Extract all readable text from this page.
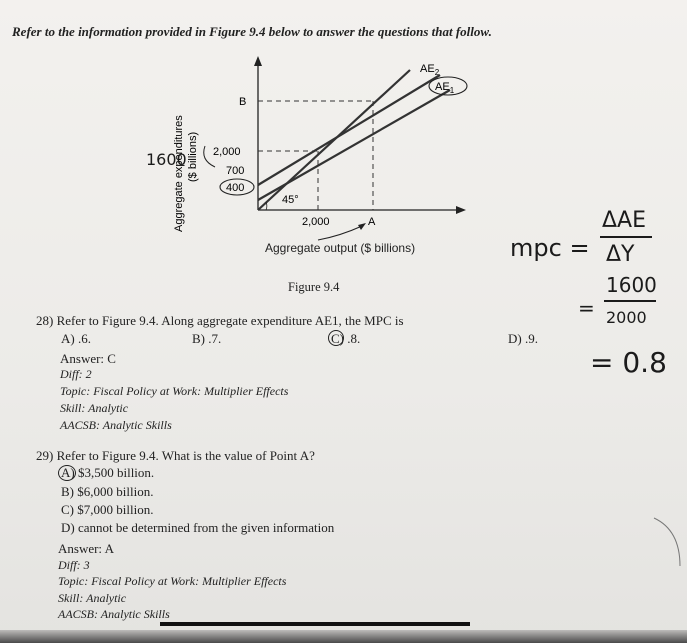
Refer to the information provided in Figure 9.4 below to answer the questions that follow.
$AE_2$
$AE_1$
B
2,000
700
400
45°
2,000	A
Aggregate expenditures ($ billions)
Aggregate output ($ billions)
1600
Figure 9.4
mpc =
ΔAE
ΔY
=
1600
2000
= 0.8
28) Refer to Figure 9.4. Along aggregate expenditure AE1, the MPC is
A) .6.	B) .7.	C) .8.	D) .9.
Answer: C
Diff: 2
Topic: Fiscal Policy at Work: Multiplier Effects
Skill: Analytic
AACSB: Analytic Skills
29) Refer to Figure 9.4. What is the value of Point A?
A) $3,500 billion.
B) $6,000 billion.
C) $7,000 billion.
D) cannot be determined from the given information
Answer: A
Diff: 3
Topic: Fiscal Policy at Work: Multiplier Effects
Skill: Analytic
AACSB: Analytic Skills
